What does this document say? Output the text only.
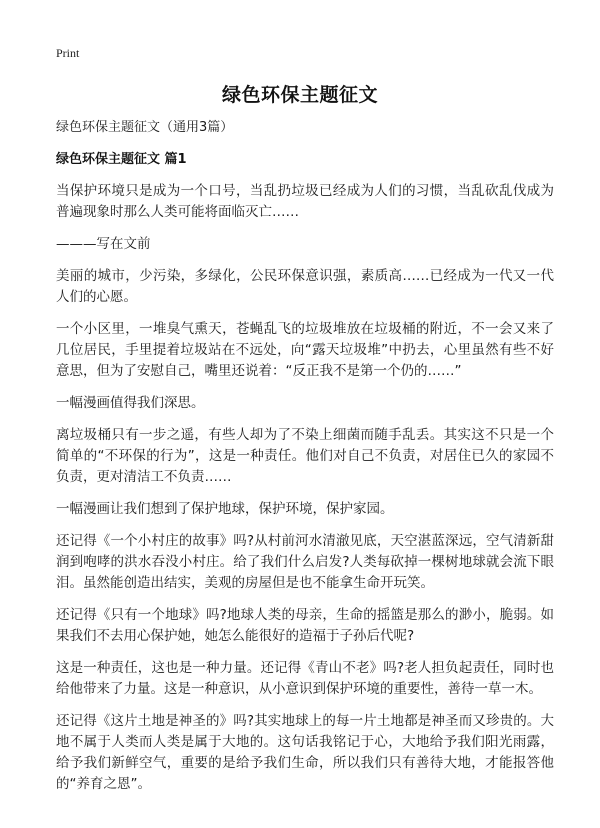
Print
绿色环保主题征文

绿色环保主题征文（通用3篇）

绿色环保主题征文 篇1

当保护环境只是成为一个口号，当乱扔垃圾已经成为人们的习惯，当乱砍乱伐成为普遍现象时那么人类可能将面临灭亡……

———写在文前

美丽的城市，少污染，多绿化，公民环保意识强，素质高……已经成为一代又一代人们的心愿。

一个小区里，一堆臭气熏天，苍蝇乱飞的垃圾堆放在垃圾桶的附近，不一会又来了几位居民，手里提着垃圾站在不远处，向“露天垃圾堆”中扔去，心里虽然有些不好意思，但为了安慰自己，嘴里还说着：“反正我不是第一个仍的……”

一幅漫画值得我们深思。

离垃圾桶只有一步之遥，有些人却为了不染上细菌而随手乱丢。其实这不只是一个简单的“不环保的行为”，这是一种责任。他们对自己不负责，对居住已久的家园不负责，更对清洁工不负责……

一幅漫画让我们想到了保护地球，保护环境，保护家园。

还记得《一个小村庄的故事》吗?从村前河水清澈见底，天空湛蓝深远，空气清新甜润到咆哮的洪水吞没小村庄。给了我们什么启发?人类每砍掉一棵树地球就会流下眼泪。虽然能创造出结实，美观的房屋但是也不能拿生命开玩笑。

还记得《只有一个地球》吗?地球人类的母亲，生命的摇篮是那么的渺小，脆弱。如果我们不去用心保护她，她怎么能很好的造福于子孙后代呢?

这是一种责任，这也是一种力量。还记得《青山不老》吗?老人担负起责任，同时也给他带来了力量。这是一种意识，从小意识到保护环境的重要性，善待一草一木。

还记得《这片土地是神圣的》吗?其实地球上的每一片土地都是神圣而又珍贵的。大地不属于人类而人类是属于大地的。这句话我铭记于心，大地给予我们阳光雨露，给予我们新鲜空气，重要的是给予我们生命，所以我们只有善待大地，才能报答他的“养育之恩”。
